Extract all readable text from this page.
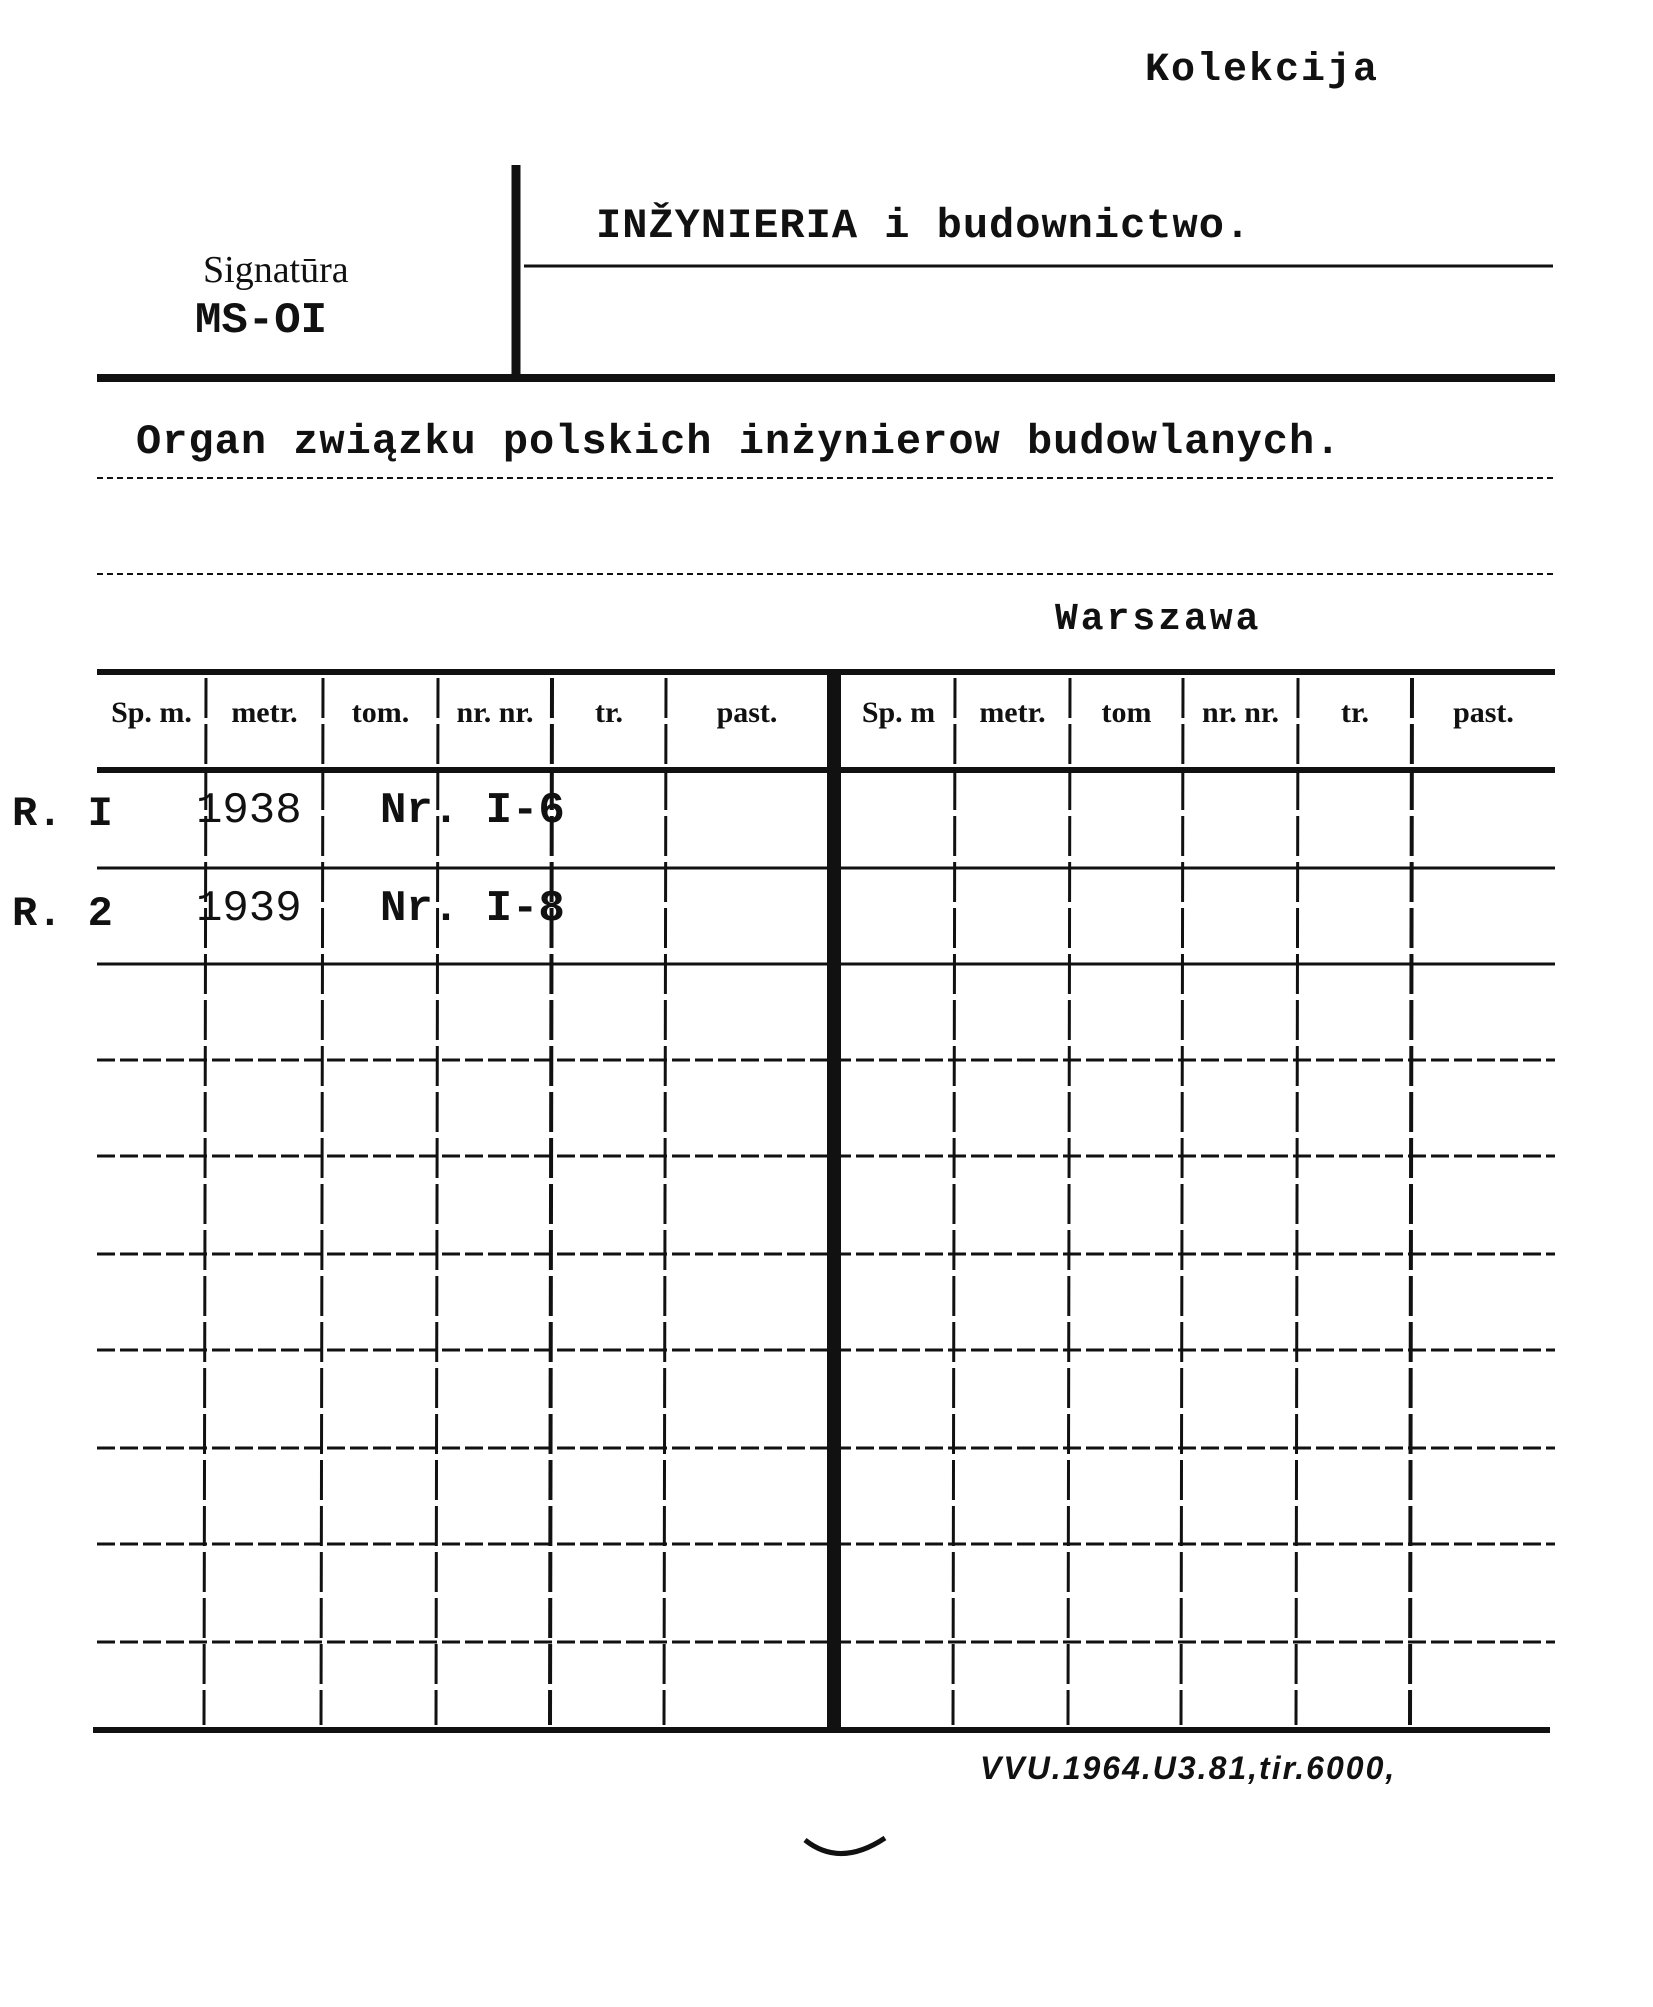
Kolekcija
Signatūra
MS-OI
INŽYNIERIA i budownictwo.
Organ związku polskich inżynierow budowlanych.
Warszawa
Sp. m.	metr.	tom.	nr. nr.	tr.	past.	Sp. m	metr.	tom	nr. nr.	tr.	past.
R. I 1938 Nr. I-6
R. 2 1939 Nr. I-8
VVU.1964.U3.81,tir.6000,
